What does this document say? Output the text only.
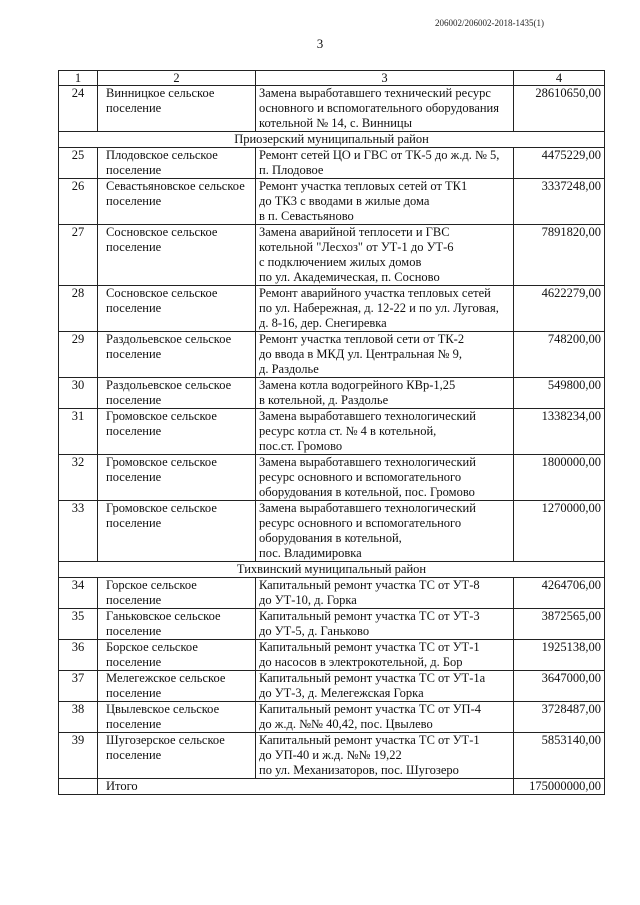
206002/206002-2018-1435(1)
3
1	2	3	4
24	Винницкое сельское
поселение	Замена выработавшего технический ресурс
основного и вспомогательного оборудования
котельной № 14, с. Винницы	28610650,00
Приозерский муниципальный район			
25	Плодовское сельское
поселение	Ремонт сетей ЦО и ГВС от ТК-5 до ж.д. № 5,
п. Плодовое	4475229,00
26	Севастьяновское сельское
поселение	Ремонт участка тепловых сетей от ТК1
до ТК3 с вводами в жилые дома
в п. Севастьяново	3337248,00
27	Сосновское сельское
поселение	Замена аварийной теплосети и ГВС
котельной "Лесхоз" от УТ-1 до УТ-6
с подключением жилых домов
по ул. Академическая, п. Сосново	7891820,00
28	Сосновское сельское
поселение	Ремонт аварийного участка тепловых сетей
по ул. Набережная, д. 12-22 и по ул. Луговая,
д. 8-16, дер. Снегиревка	4622279,00
29	Раздольевское сельское
поселение	Ремонт участка тепловой сети от ТК-2
до ввода в МКД ул. Центральная № 9,
д. Раздолье	748200,00
30	Раздольевское сельское
поселение	Замена котла водогрейного КВр-1,25
в котельной, д. Раздолье	549800,00
31	Громовское сельское
поселение	Замена выработавшего технологический
ресурс котла ст. № 4 в котельной,
пос.ст. Громово	1338234,00
32	Громовское сельское
поселение	Замена выработавшего технологический
ресурс основного и вспомогательного
оборудования в котельной, пос. Громово	1800000,00
33	Громовское сельское
поселение	Замена выработавшего технологический
ресурс основного и вспомогательного
оборудования в котельной,
пос. Владимировка	1270000,00
Тихвинский муниципальный район			
34	Горское сельское
поселение	Капитальный ремонт участка ТС от УТ-8
до УТ-10, д. Горка	4264706,00
35	Ганьковское сельское
поселение	Капитальный ремонт участка ТС от УТ-3
до УТ-5, д. Ганьково	3872565,00
36	Борское сельское
поселение	Капитальный ремонт участка ТС от УТ-1
до насосов в электрокотельной, д. Бор	1925138,00
37	Мелегежское сельское
поселение	Капитальный ремонт участка ТС от УТ-1а
до УТ-3, д. Мелегежская Горка	3647000,00
38	Цвылевское сельское
поселение	Капитальный ремонт участка ТС от УП-4
до ж.д. №№ 40,42, пос. Цвылево	3728487,00
39	Шугозерское сельское
поселение	Капитальный ремонт участка ТС от УТ-1
до УП-40 и ж.д. №№ 19,22
по ул. Механизаторов, пос. Шугозеро	5853140,00
	Итого		175000000,00
